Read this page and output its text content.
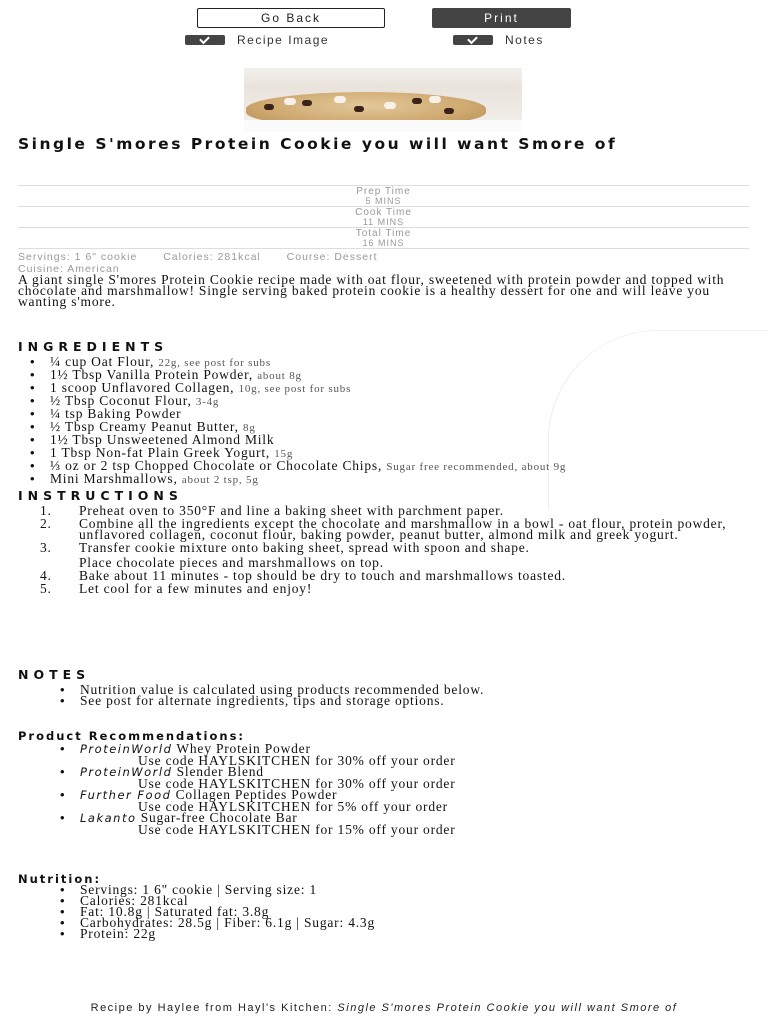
Go Back	Print
Recipe Image	Notes
Single S'mores Protein Cookie you will want Smore of
Prep Time
5 MINS
Cook Time
11 MINS
Total Time
16 MINS
Servings: 1 6" cookie Calories: 281kcal Course: Dessert
Cuisine: American

A giant single S'mores Protein Cookie recipe made with oat flour, sweetened with protein powder and topped with chocolate and marshmallow! Single serving baked protein cookie is a healthy dessert for one and will leave you wanting s'more.

INGREDIENTS
• ¼ cup Oat Flour, 22g, see post for subs
• 1½ Tbsp Vanilla Protein Powder, about 8g
• 1 scoop Unflavored Collagen, 10g, see post for subs
• ½ Tbsp Coconut Flour, 3-4g
• ¼ tsp Baking Powder
• ½ Tbsp Creamy Peanut Butter, 8g
• 1½ Tbsp Unsweetened Almond Milk
• 1 Tbsp Non-fat Plain Greek Yogurt, 15g
• ⅓ oz or 2 tsp Chopped Chocolate or Chocolate Chips, Sugar free recommended, about 9g
• Mini Marshmallows, about 2 tsp, 5g
INSTRUCTIONS
1. Preheat oven to 350°F and line a baking sheet with parchment paper.
2. Combine all the ingredients except the chocolate and marshmallow in a bowl - oat flour, protein powder, unflavored collagen, coconut flour, baking powder, peanut butter, almond milk and greek yogurt.
3. Transfer cookie mixture onto baking sheet, spread with spoon and shape.
Place chocolate pieces and marshmallows on top.
4. Bake about 11 minutes - top should be dry to touch and marshmallows toasted.
5. Let cool for a few minutes and enjoy!
NOTES
• Nutrition value is calculated using products recommended below.
• See post for alternate ingredients, tips and storage options.
Product Recommendations:
• ProteinWorld Whey Protein Powder
Use code HAYLSKITCHEN for 30% off your order
• ProteinWorld Slender Blend
Use code HAYLSKITCHEN for 30% off your order
• Further Food Collagen Peptides Powder
Use code HAYLSKITCHEN for 5% off your order
• Lakanto Sugar-free Chocolate Bar
Use code HAYLSKITCHEN for 15% off your order
Nutrition:
• Servings: 1 6" cookie | Serving size: 1
• Calories: 281kcal
• Fat: 10.8g | Saturated fat: 3.8g
• Carbohydrates: 28.5g | Fiber: 6.1g | Sugar: 4.3g
• Protein: 22g
Recipe by Haylee from Hayl's Kitchen: Single S'mores Protein Cookie you will want Smore of
